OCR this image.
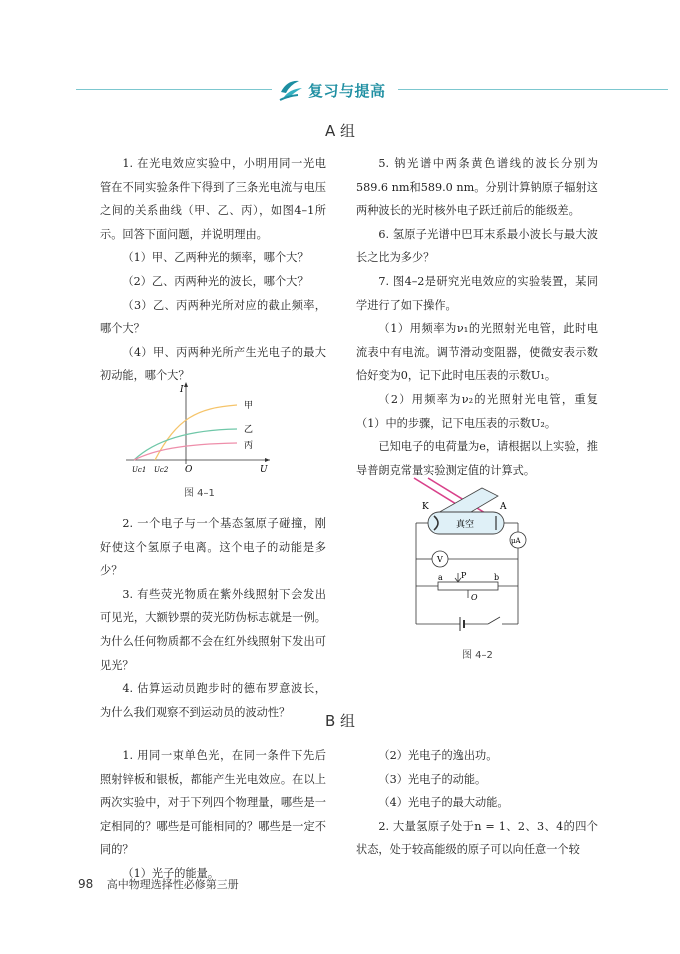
复习与提高
A 组

1. 在光电效应实验中，小明用同一光电管在不同实验条件下得到了三条光电流与电压之间的关系曲线（甲、乙、丙），如图4–1所示。回答下面问题，并说明理由。

（1）甲、乙两种光的频率，哪个大？

（2）乙、丙两种光的波长，哪个大？

（3）乙、丙两种光所对应的截止频率，哪个大？

（4）甲、丙两种光所产生光电子的最大初动能，哪个大？

I
U
O
Uc1 Uc2
甲
乙
丙
图 4–1

2. 一个电子与一个基态氢原子碰撞，刚好使这个氢原子电离。这个电子的动能是多少？

3. 有些荧光物质在紫外线照射下会发出可见光，大额钞票的荧光防伪标志就是一例。为什么任何物质都不会在红外线照射下发出可见光？

4. 估算运动员跑步时的德布罗意波长，为什么我们观察不到运动员的波动性？

5. 钠光谱中两条黄色谱线的波长分别为589.6 nm和589.0 nm。分别计算钠原子辐射这两种波长的光时核外电子跃迁前后的能级差。

6. 氢原子光谱中巴耳末系最小波长与最大波长之比为多少？

7. 图4–2是研究光电效应的实验装置，某同学进行了如下操作。

（1）用频率为ν₁的光照射光电管，此时电流表中有电流。调节滑动变阻器，使微安表示数恰好变为0，记下此时电压表的示数U₁。

（2）用频率为ν₂的光照射光电管，重复（1）中的步骤，记下电压表的示数U₂。

已知电子的电荷量为e，请根据以上实验，推导普朗克常量实验测定值的计算式。

真空
K	A
μA
V
a P	b
O
图 4–2
B 组

1. 用同一束单色光，在同一条件下先后照射锌板和银板，都能产生光电效应。在以上两次实验中，对于下列四个物理量，哪些是一定相同的？哪些是可能相同的？哪些是一定不同的？

（1）光子的能量。

（2）光电子的逸出功。

（3）光电子的动能。

（4）光电子的最大动能。

2. 大量氢原子处于n = 1、2、3、4的四个状态，处于较高能级的原子可以向任意一个较

98 高中物理选择性必修第三册
